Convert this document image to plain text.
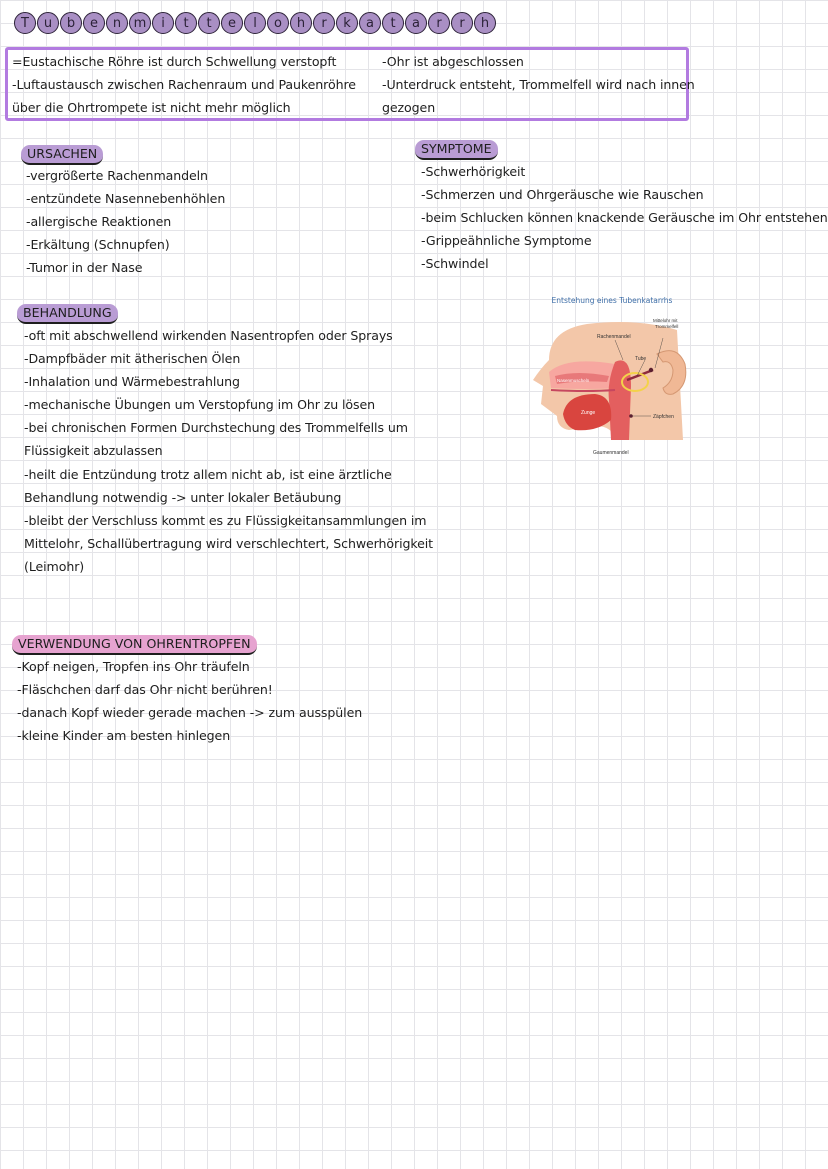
T	u	b	e	n m	i	t	t	e	l	o	h	r	k	a	t	a	r	r	h
=Eustachische Röhre ist durch Schwellung verstopft
-Luftaustausch zwischen Rachenraum und Paukenröhre
über die Ohrtrompete ist nicht mehr möglich
-Ohr ist abgeschlossen
-Unterdruck entsteht, Trommelfell wird nach innen
gezogen
URSACHEN
-vergrößerte Rachenmandeln
-entzündete Nasennebenhöhlen
-allergische Reaktionen
-Erkältung (Schnupfen)
-Tumor in der Nase
SYMPTOME
-Schwerhörigkeit
-Schmerzen und Ohrgeräusche wie Rauschen
-beim Schlucken können knackende Geräusche im Ohr entstehen
-Grippeähnliche Symptome
-Schwindel
BEHANDLUNG
-oft mit abschwellend wirkenden Nasentropfen oder Sprays
-Dampfbäder mit ätherischen Ölen
-Inhalation und Wärmebestrahlung
-mechanische Übungen um Verstopfung im Ohr zu lösen
-bei chronischen Formen Durchstechung des Trommelfells um
Flüssigkeit abzulassen
-heilt die Entzündung trotz allem nicht ab, ist eine ärztliche
Behandlung notwendig -> unter lokaler Betäubung
-bleibt der Verschluss kommt es zu Flüssigkeitansammlungen im
Mittelohr, Schallübertragung wird verschlechtert, Schwerhörigkeit
(Leimohr)
Entstehung eines Tubenkatarrhs
Rachenmandel
Mittelohr mit
Trommelfell
Tube
Nasenmuscheln
Zäpfchen
Zunge
Gaumenmandel
VERWENDUNG VON OHRENTROPFEN
-Kopf neigen, Tropfen ins Ohr träufeln
-Fläschchen darf das Ohr nicht berühren!
-danach Kopf wieder gerade machen -> zum ausspülen
-kleine Kinder am besten hinlegen
